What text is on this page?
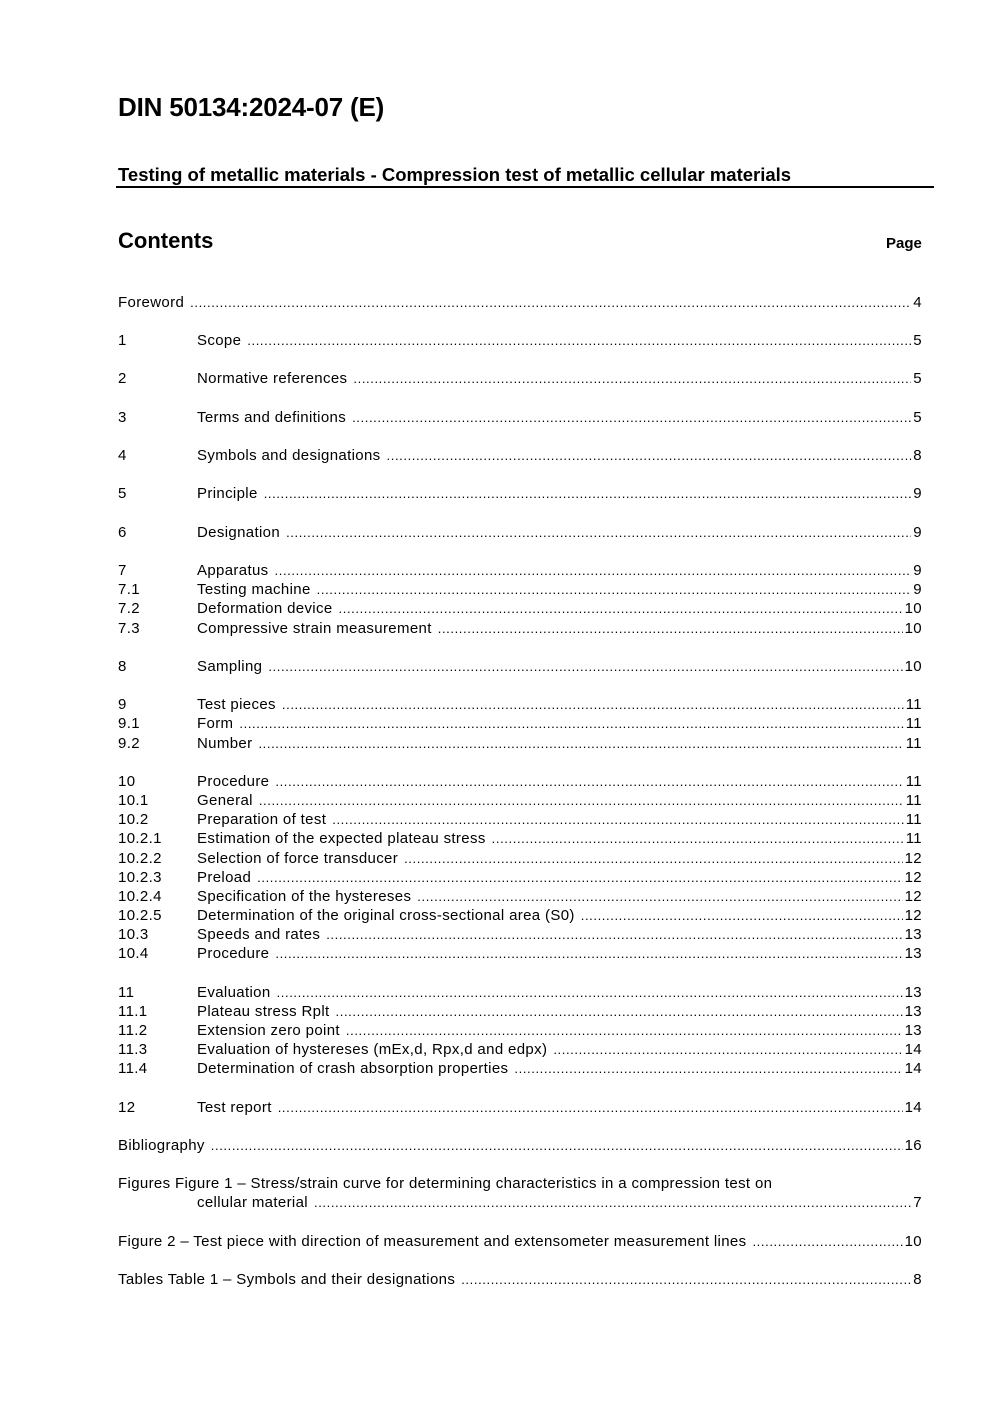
DIN 50134:2024-07 (E)
Testing of metallic materials - Compression test of metallic cellular materials
Contents	Page
Foreword .....	4
1	Scope .....	5
2	Normative references .....	5
3	Terms and definitions .....	5
4	Symbols and designations .....	8
5	Principle .....	9
6	Designation .....	9
7	Apparatus .....	9
7.1	Testing machine .....	9
7.2	Deformation device .....	10
7.3	Compressive strain measurement .....	10
8	Sampling .....	10
9	Test pieces .....	11
9.1	Form .....	11
9.2	Number .....	11
10	Procedure .....	11
10.1	General .....	11
10.2	Preparation of test .....	11
10.2.1 Estimation of the expected plateau stress .....	11
10.2.2 Selection of force transducer .....	12
10.2.3 Preload .....	12
10.2.4 Specification of the hystereses .....	12
10.2.5 Determination of the original cross-sectional area (S0) .....	12
10.3	Speeds and rates .....	13
10.4	Procedure .....	13
11	Evaluation .....	13
11.1	Plateau stress Rplt .....	13
11.2	Extension zero point .....	13
11.3	Evaluation of hystereses (mEx,d, Rpx,d and edpx) .....	14
11.4	Determination of crash absorption properties .....	14
12	Test report .....	14
Bibliography .....	16
Figures Figure 1 – Stress/strain curve for determining characteristics in a compression test on
cellular material .....	7
Figure 2 – Test piece with direction of measurement and extensometer measurement lines .....	10
Tables Table 1 – Symbols and their designations .....	8
